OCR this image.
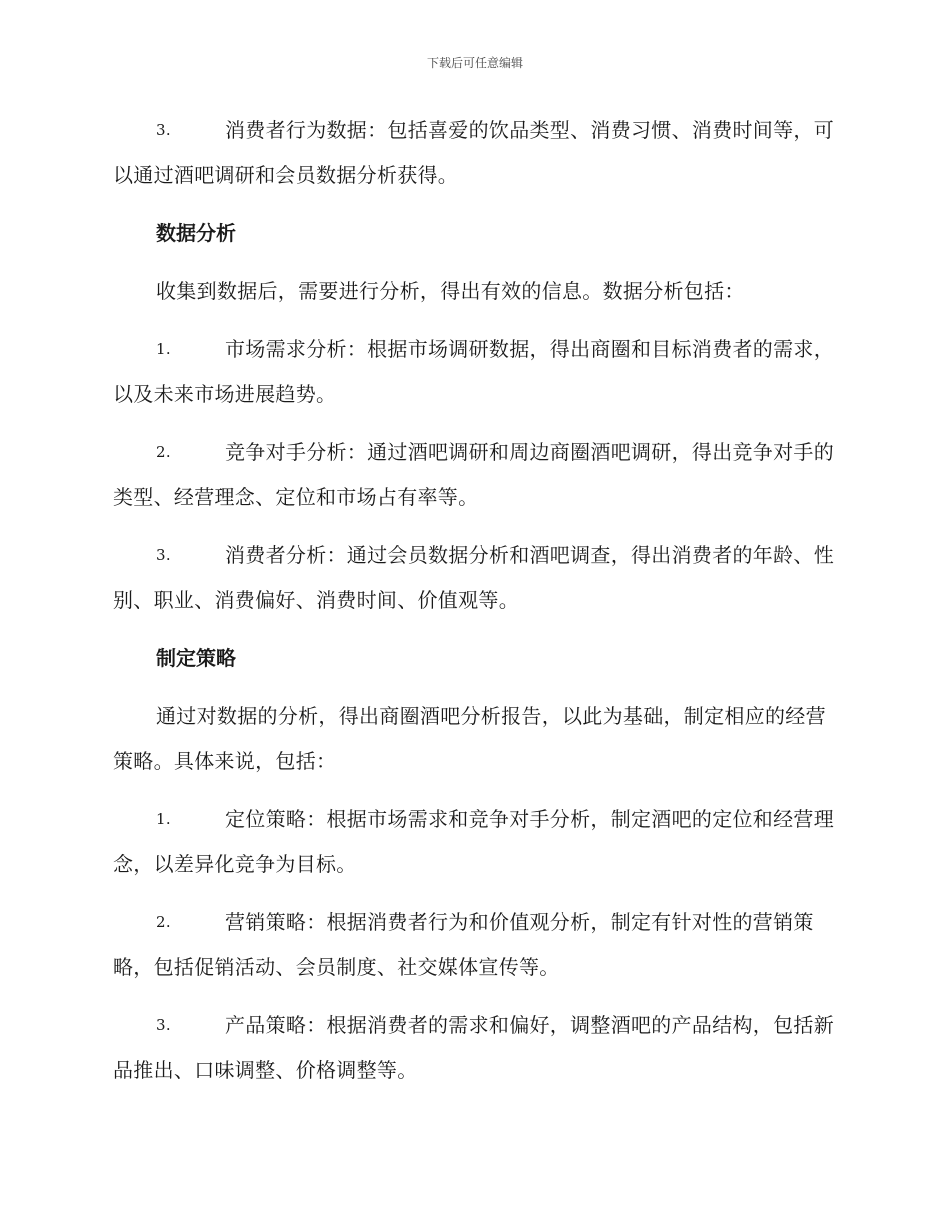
下载后可任意编辑
3.	消费者行为数据：包括喜爱的饮品类型、消费习惯、消费时间等，可以通过酒吧调研和会员数据分析获得。
数据分析
收集到数据后，需要进行分析，得出有效的信息。数据分析包括：
1.	市场需求分析：根据市场调研数据，得出商圈和目标消费者的需求，以及未来市场进展趋势。
2.	竞争对手分析：通过酒吧调研和周边商圈酒吧调研，得出竞争对手的类型、经营理念、定位和市场占有率等。
3.	消费者分析：通过会员数据分析和酒吧调查，得出消费者的年龄、性别、职业、消费偏好、消费时间、价值观等。
制定策略
通过对数据的分析，得出商圈酒吧分析报告，以此为基础，制定相应的经营策略。具体来说，包括：
1.	定位策略：根据市场需求和竞争对手分析，制定酒吧的定位和经营理念，以差异化竞争为目标。
2.	营销策略：根据消费者行为和价值观分析，制定有针对性的营销策略，包括促销活动、会员制度、社交媒体宣传等。
3.	产品策略：根据消费者的需求和偏好，调整酒吧的产品结构，包括新品推出、口味调整、价格调整等。
